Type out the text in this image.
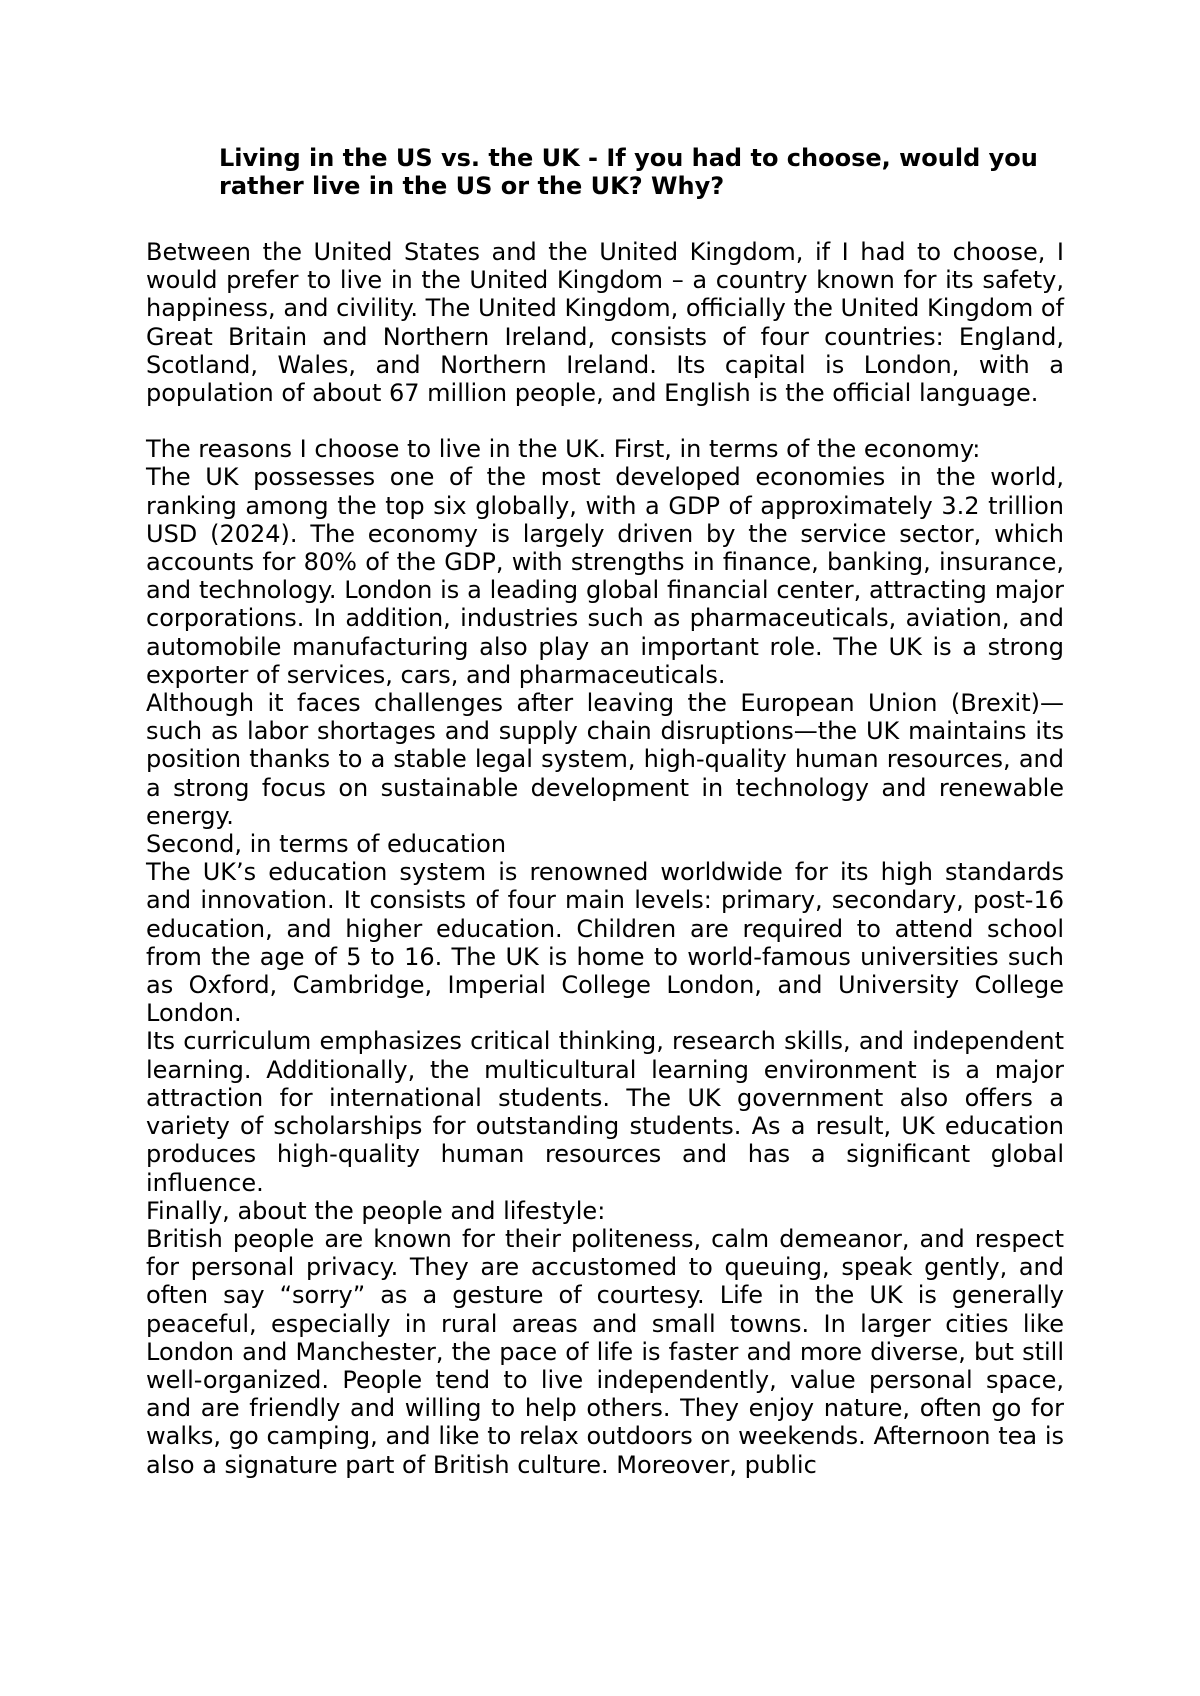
Living in the US vs. the UK - If you had to choose, would you rather live in the US or the UK? Why?

Between the United States and the United Kingdom, if I had to choose, I would prefer to live in the United Kingdom – a country known for its safety, happiness, and civility. The United Kingdom, officially the United Kingdom of Great Britain and Northern Ireland, consists of four countries: England, Scotland, Wales, and Northern Ireland. Its capital is London, with a population of about 67 million people, and English is the official language.

The reasons I choose to live in the UK. First, in terms of the economy:

The UK possesses one of the most developed economies in the world, ranking among the top six globally, with a GDP of approximately 3.2 trillion USD (2024). The economy is largely driven by the service sector, which accounts for 80% of the GDP, with strengths in finance, banking, insurance, and technology. London is a leading global financial center, attracting major corporations. In addition, industries such as pharmaceuticals, aviation, and automobile manufacturing also play an important role. The UK is a strong exporter of services, cars, and pharmaceuticals.

Although it faces challenges after leaving the European Union (Brexit)—such as labor shortages and supply chain disruptions—the UK maintains its position thanks to a stable legal system, high-quality human resources, and a strong focus on sustainable development in technology and renewable energy.

Second, in terms of education

The UK’s education system is renowned worldwide for its high standards and innovation. It consists of four main levels: primary, secondary, post-16 education, and higher education. Children are required to attend school from the age of 5 to 16. The UK is home to world-famous universities such as Oxford, Cambridge, Imperial College London, and University College London.

Its curriculum emphasizes critical thinking, research skills, and independent learning. Additionally, the multicultural learning environment is a major attraction for international students. The UK government also offers a variety of scholarships for outstanding students. As a result, UK education produces high-quality human resources and has a significant global influence.

Finally, about the people and lifestyle:

British people are known for their politeness, calm demeanor, and respect for personal privacy. They are accustomed to queuing, speak gently, and often say “sorry” as a gesture of courtesy. Life in the UK is generally peaceful, especially in rural areas and small towns. In larger cities like London and Manchester, the pace of life is faster and more diverse, but still well-organized. People tend to live independently, value personal space, and are friendly and willing to help others. They enjoy nature, often go for walks, go camping, and like to relax outdoors on weekends. Afternoon tea is also a signature part of British culture. Moreover, public
